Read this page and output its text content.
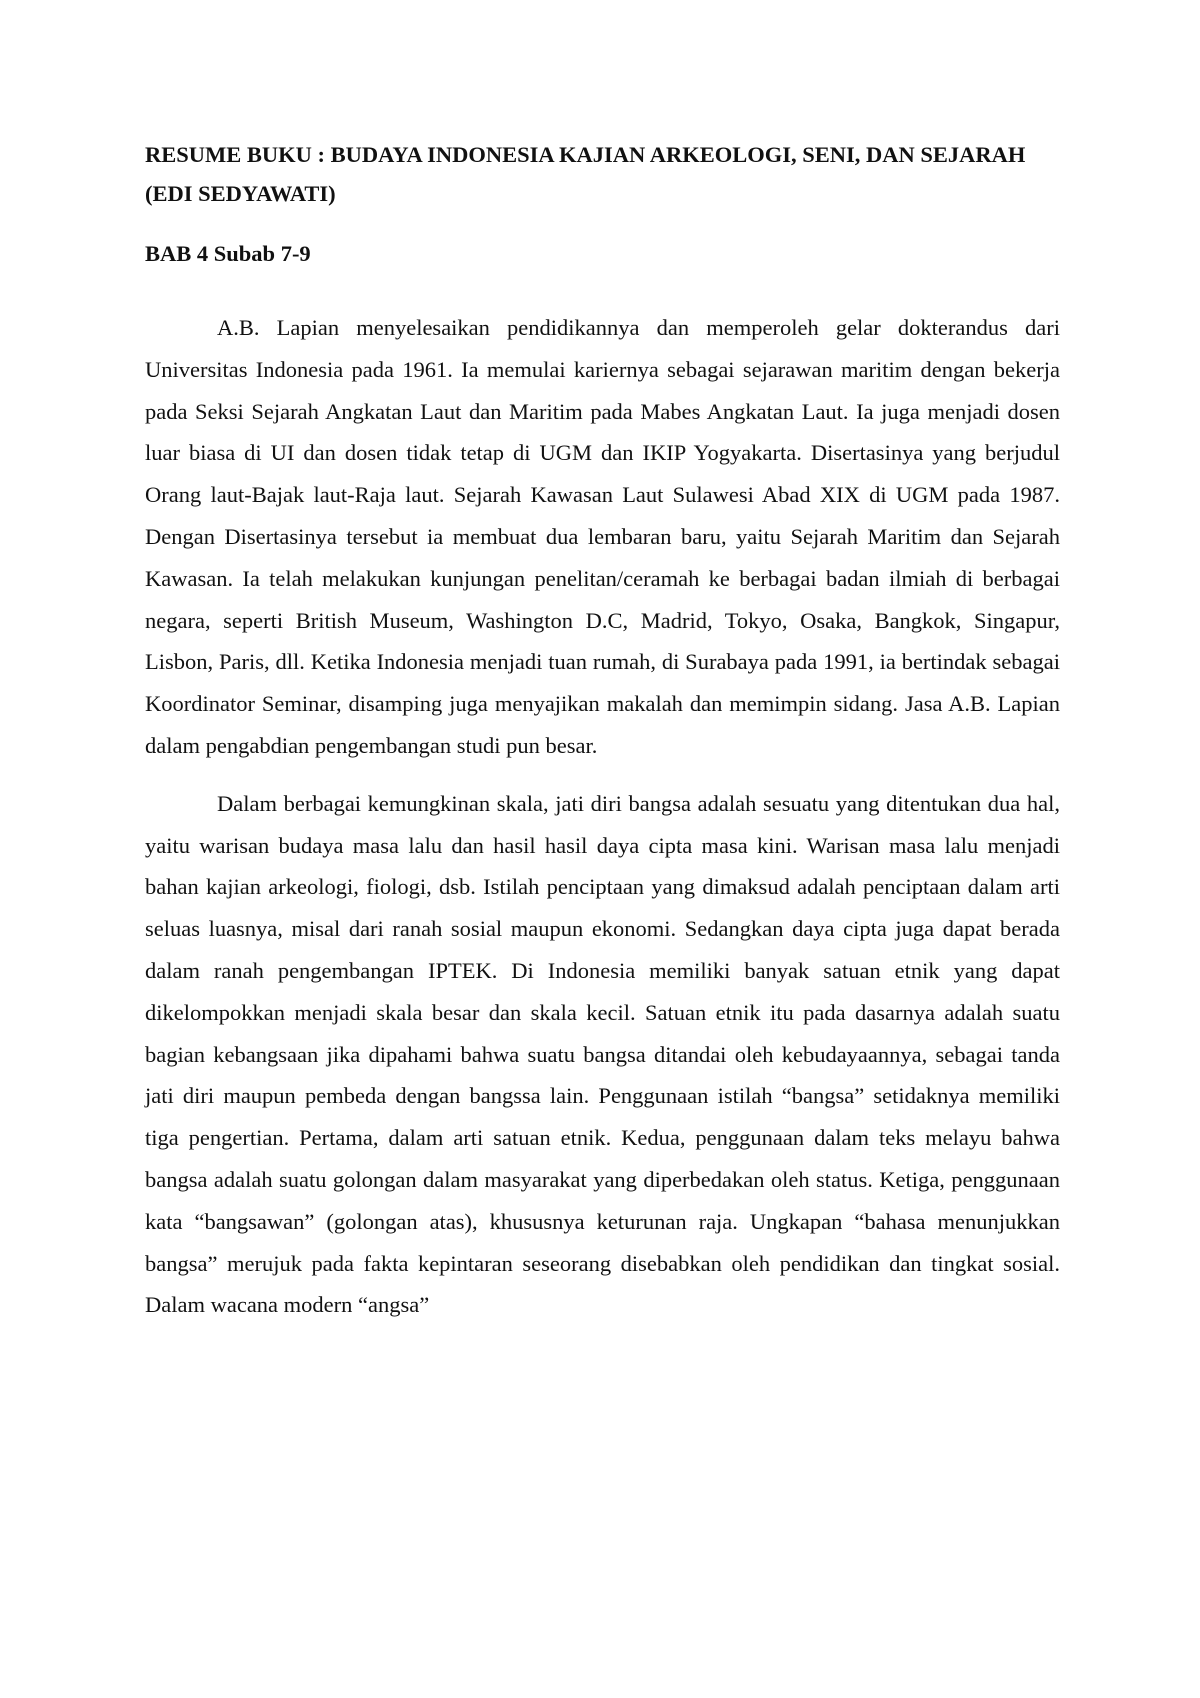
RESUME BUKU : BUDAYA INDONESIA KAJIAN ARKEOLOGI, SENI, DAN SEJARAH (EDI SEDYAWATI)
BAB 4 Subab 7-9

A.B. Lapian menyelesaikan pendidikannya dan memperoleh gelar dokterandus dari Universitas Indonesia pada 1961. Ia memulai kariernya sebagai sejarawan maritim dengan bekerja pada Seksi Sejarah Angkatan Laut dan Maritim pada Mabes Angkatan Laut. Ia juga menjadi dosen luar biasa di UI dan dosen tidak tetap di UGM dan IKIP Yogyakarta. Disertasinya yang berjudul Orang laut-Bajak laut-Raja laut. Sejarah Kawasan Laut Sulawesi Abad XIX di UGM pada 1987. Dengan Disertasinya tersebut ia membuat dua lembaran baru, yaitu Sejarah Maritim dan Sejarah Kawasan. Ia telah melakukan kunjungan penelitan/ceramah ke berbagai badan ilmiah di berbagai negara, seperti British Museum, Washington D.C, Madrid, Tokyo, Osaka, Bangkok, Singapur, Lisbon, Paris, dll. Ketika Indonesia menjadi tuan rumah, di Surabaya pada 1991, ia bertindak sebagai Koordinator Seminar, disamping juga menyajikan makalah dan memimpin sidang. Jasa A.B. Lapian dalam pengabdian pengembangan studi pun besar.

Dalam berbagai kemungkinan skala, jati diri bangsa adalah sesuatu yang ditentukan dua hal, yaitu warisan budaya masa lalu dan hasil hasil daya cipta masa kini. Warisan masa lalu menjadi bahan kajian arkeologi, fiologi, dsb. Istilah penciptaan yang dimaksud adalah penciptaan dalam arti seluas luasnya, misal dari ranah sosial maupun ekonomi. Sedangkan daya cipta juga dapat berada dalam ranah pengembangan IPTEK. Di Indonesia memiliki banyak satuan etnik yang dapat dikelompokkan menjadi skala besar dan skala kecil. Satuan etnik itu pada dasarnya adalah suatu bagian kebangsaan jika dipahami bahwa suatu bangsa ditandai oleh kebudayaannya, sebagai tanda jati diri maupun pembeda dengan bangssa lain. Penggunaan istilah “bangsa” setidaknya memiliki tiga pengertian. Pertama, dalam arti satuan etnik. Kedua, penggunaan dalam teks melayu bahwa bangsa adalah suatu golongan dalam masyarakat yang diperbedakan oleh status. Ketiga, penggunaan kata “bangsawan” (golongan atas), khususnya keturunan raja. Ungkapan “bahasa menunjukkan bangsa” merujuk pada fakta kepintaran seseorang disebabkan oleh pendidikan dan tingkat sosial. Dalam wacana modern “angsa”
